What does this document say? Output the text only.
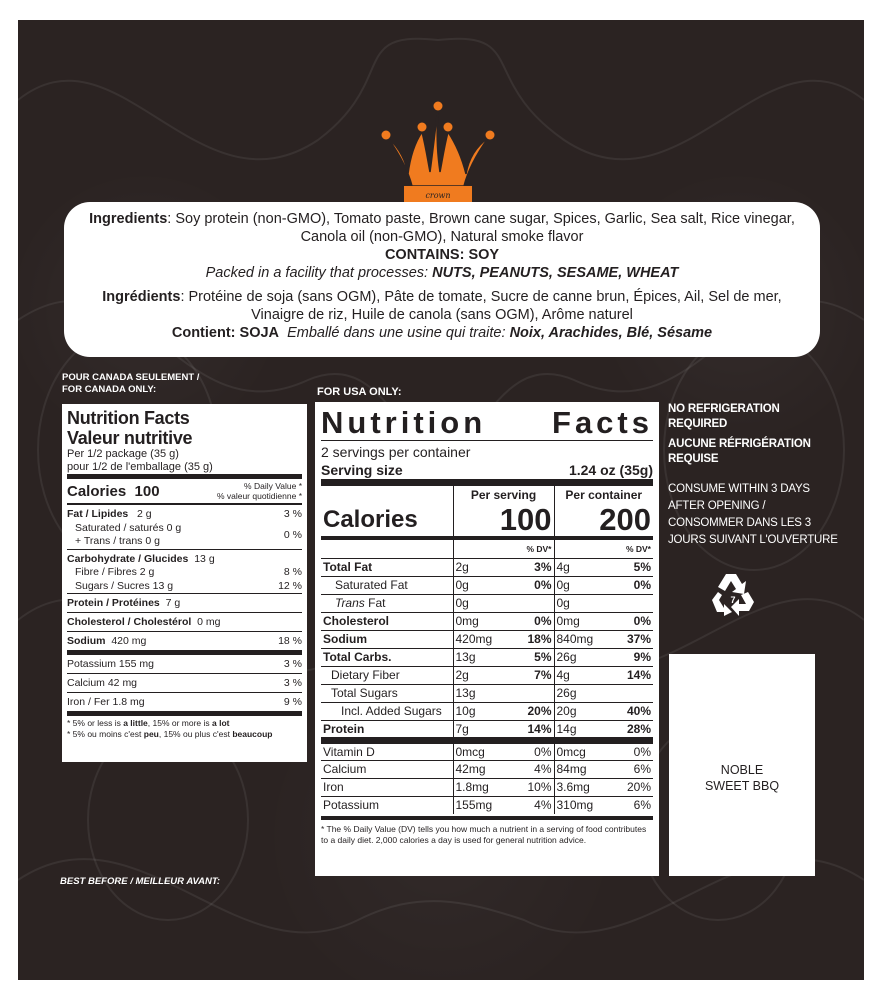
crown

Ingredients: Soy protein (non-GMO), Tomato paste, Brown cane sugar, Spices, Garlic, Sea salt, Rice vinegar, Canola oil (non-GMO), Natural smoke flavor

CONTAINS: SOY

Packed in a facility that processes: NUTS, PEANUTS, SESAME, WHEAT

Ingrédients: Protéine de soja (sans OGM), Pâte de tomate, Sucre de canne brun, Épices, Ail, Sel de mer, Vinaigre de riz, Huile de canola (sans OGM), Arôme naturel

Contient: SOJA Emballé dans une usine qui traite: Noix, Arachides, Blé, Sésame

POUR CANADA SEULEMENT /
FOR CANADA ONLY:
Nutrition Facts
Valeur nutritive
Per 1/2 package (35 g)
pour 1/2 de l'emballage (35 g)
Calories 100	% Daily Value *
% valeur quotidienne *
Fat / Lipides 2 g	3 %
Saturated / saturés 0 g
+ Trans / trans 0 g
0 %
Carbohydrate / Glucides 13 g
Fibre / Fibres 2 g	8 %
Sugars / Sucres 13 g	12 %
Protein / Protéines 7 g
Cholesterol / Cholestérol 0 mg
Sodium 420 mg	18 %
Potassium 155 mg	3 %
Calcium 42 mg	3 %
Iron / Fer 1.8 mg	9 %
* 5% or less is a little, 15% or more is a lot
* 5% ou moins c'est peu, 15% ou plus c'est beaucoup
FOR USA ONLY:
Nutrition Facts
2 servings per container
Serving size	1.24 oz (35g)
Calories	Per serving	Per container
	100	200
		% DV*		% DV*
Total Fat	2g	3%	4g	5%
Saturated Fat	0g	0%	0g	0%
Trans Fat	0g		0g	
Cholesterol	0mg	0%	0mg	0%
Sodium	420mg	18%	840mg	37%
Total Carbs.	13g	5%	26g	9%
Dietary Fiber	2g	7%	4g	14%
Total Sugars	13g		26g	
Incl. Added Sugars	10g	20%	20g	40%
Protein	7g	14%	14g	28%
Vitamin D	0mcg	0%	0mcg	0%
Calcium	42mg	4%	84mg	6%
Iron	1.8mg	10%	3.6mg	20%
Potassium	155mg	4%	310mg	6%
* The % Daily Value (DV) tells you how much a nutrient in a serving of food contributes to a daily diet. 2,000 calories a day is used for general nutrition advice.
NO REFRIGERATION
REQUIRED
AUCUNE RÉFRIGÉRATION
REQUISE
CONSUME WITHIN 3 DAYS
AFTER OPENING /
CONSOMMER DANS LES 3
JOURS SUIVANT L'OUVERTURE
7
NOBLE
SWEET BBQ
BEST BEFORE / MEILLEUR AVANT:
